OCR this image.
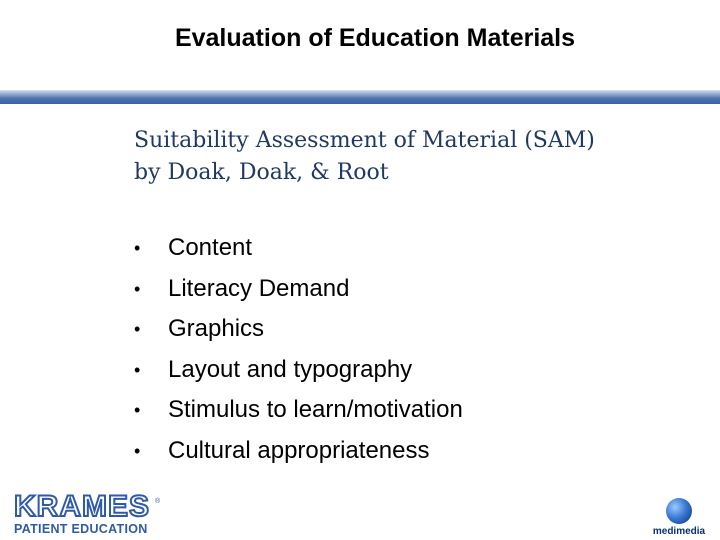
Evaluation of Education Materials
Suitability Assessment of Material (SAM)
by Doak, Doak, & Root
• Content
• Literacy Demand
• Graphics
• Layout and typography
• Stimulus to learn/motivation
• Cultural appropriateness
KRAMES ®
PATIENT EDUCATION	medimedia
